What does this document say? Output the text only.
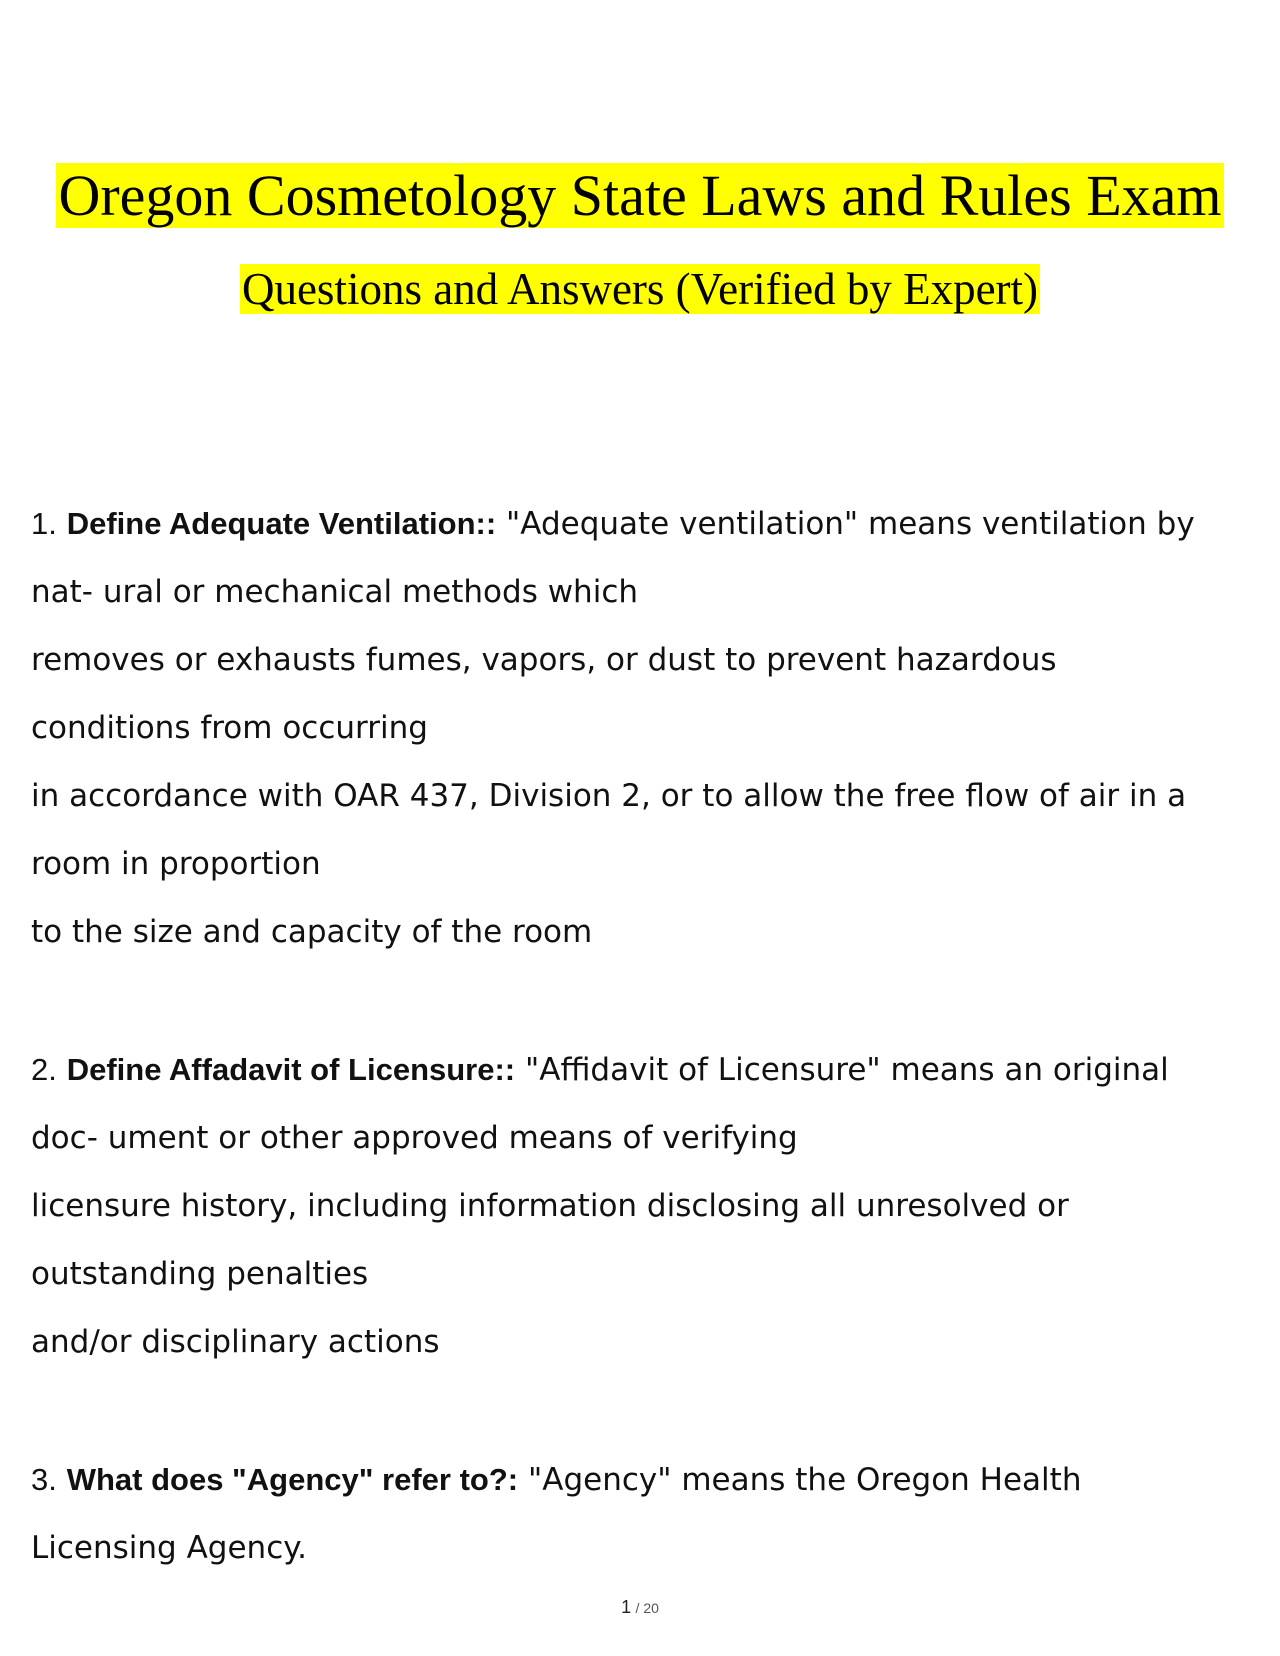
Oregon Cosmetology State Laws and Rules Exam
Questions and Answers (Verified by Expert)
1. Define Adequate Ventilation:: "Adequate ventilation" means ventilation by
nat- ural or mechanical methods which
removes or exhausts fumes, vapors, or dust to prevent hazardous
conditions from occurring
in accordance with OAR 437, Division 2, or to allow the free flow of air in a
room in proportion
to the size and capacity of the room
2. Define Affadavit of Licensure:: "Affidavit of Licensure" means an original
doc- ument or other approved means of verifying
licensure history, including information disclosing all unresolved or
outstanding penalties
and/or disciplinary actions
3. What does "Agency" refer to?: "Agency" means the Oregon Health
Licensing Agency.
1 / 20
